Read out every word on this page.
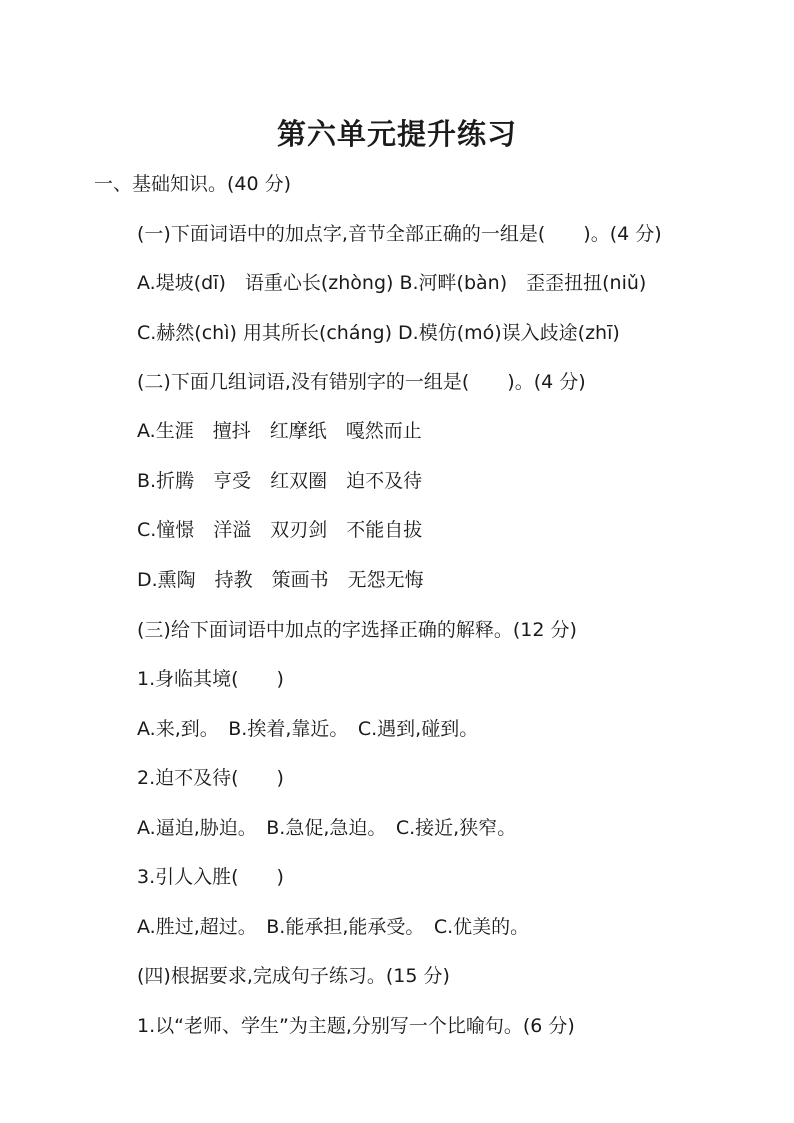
第六单元提升练习
一、基础知识。(40 分)
(一)下面词语中的加点字,音节全部正确的一组是(　　)。(4 分)
A.堤坡(dī)　语重心长(zhòng) B.河畔(bàn)　歪歪扭扭(niǔ)
C.赫然(chì) 用其所长(cháng) D.模仿(mó)误入歧途(zhī)
(二)下面几组词语,没有错别字的一组是(　　)。(4 分)
A.生涯　擅抖　红摩纸　嘎然而止
B.折腾　亨受　红双圈　迫不及待
C.憧憬　洋溢　双刃剑　不能自拔
D.熏陶　持教　策画书　无怨无悔
(三)给下面词语中加点的字选择正确的解释。(12 分)
1.身临其境(　　)
A.来,到。　B.挨着,靠近。　C.遇到,碰到。
2.迫不及待(　　)
A.逼迫,胁迫。　B.急促,急迫。　C.接近,狭窄。
3.引人入胜(　　)
A.胜过,超过。　B.能承担,能承受。　C.优美的。
(四)根据要求,完成句子练习。(15 分)
1.以“老师、学生”为主题,分别写一个比喻句。(6 分)
